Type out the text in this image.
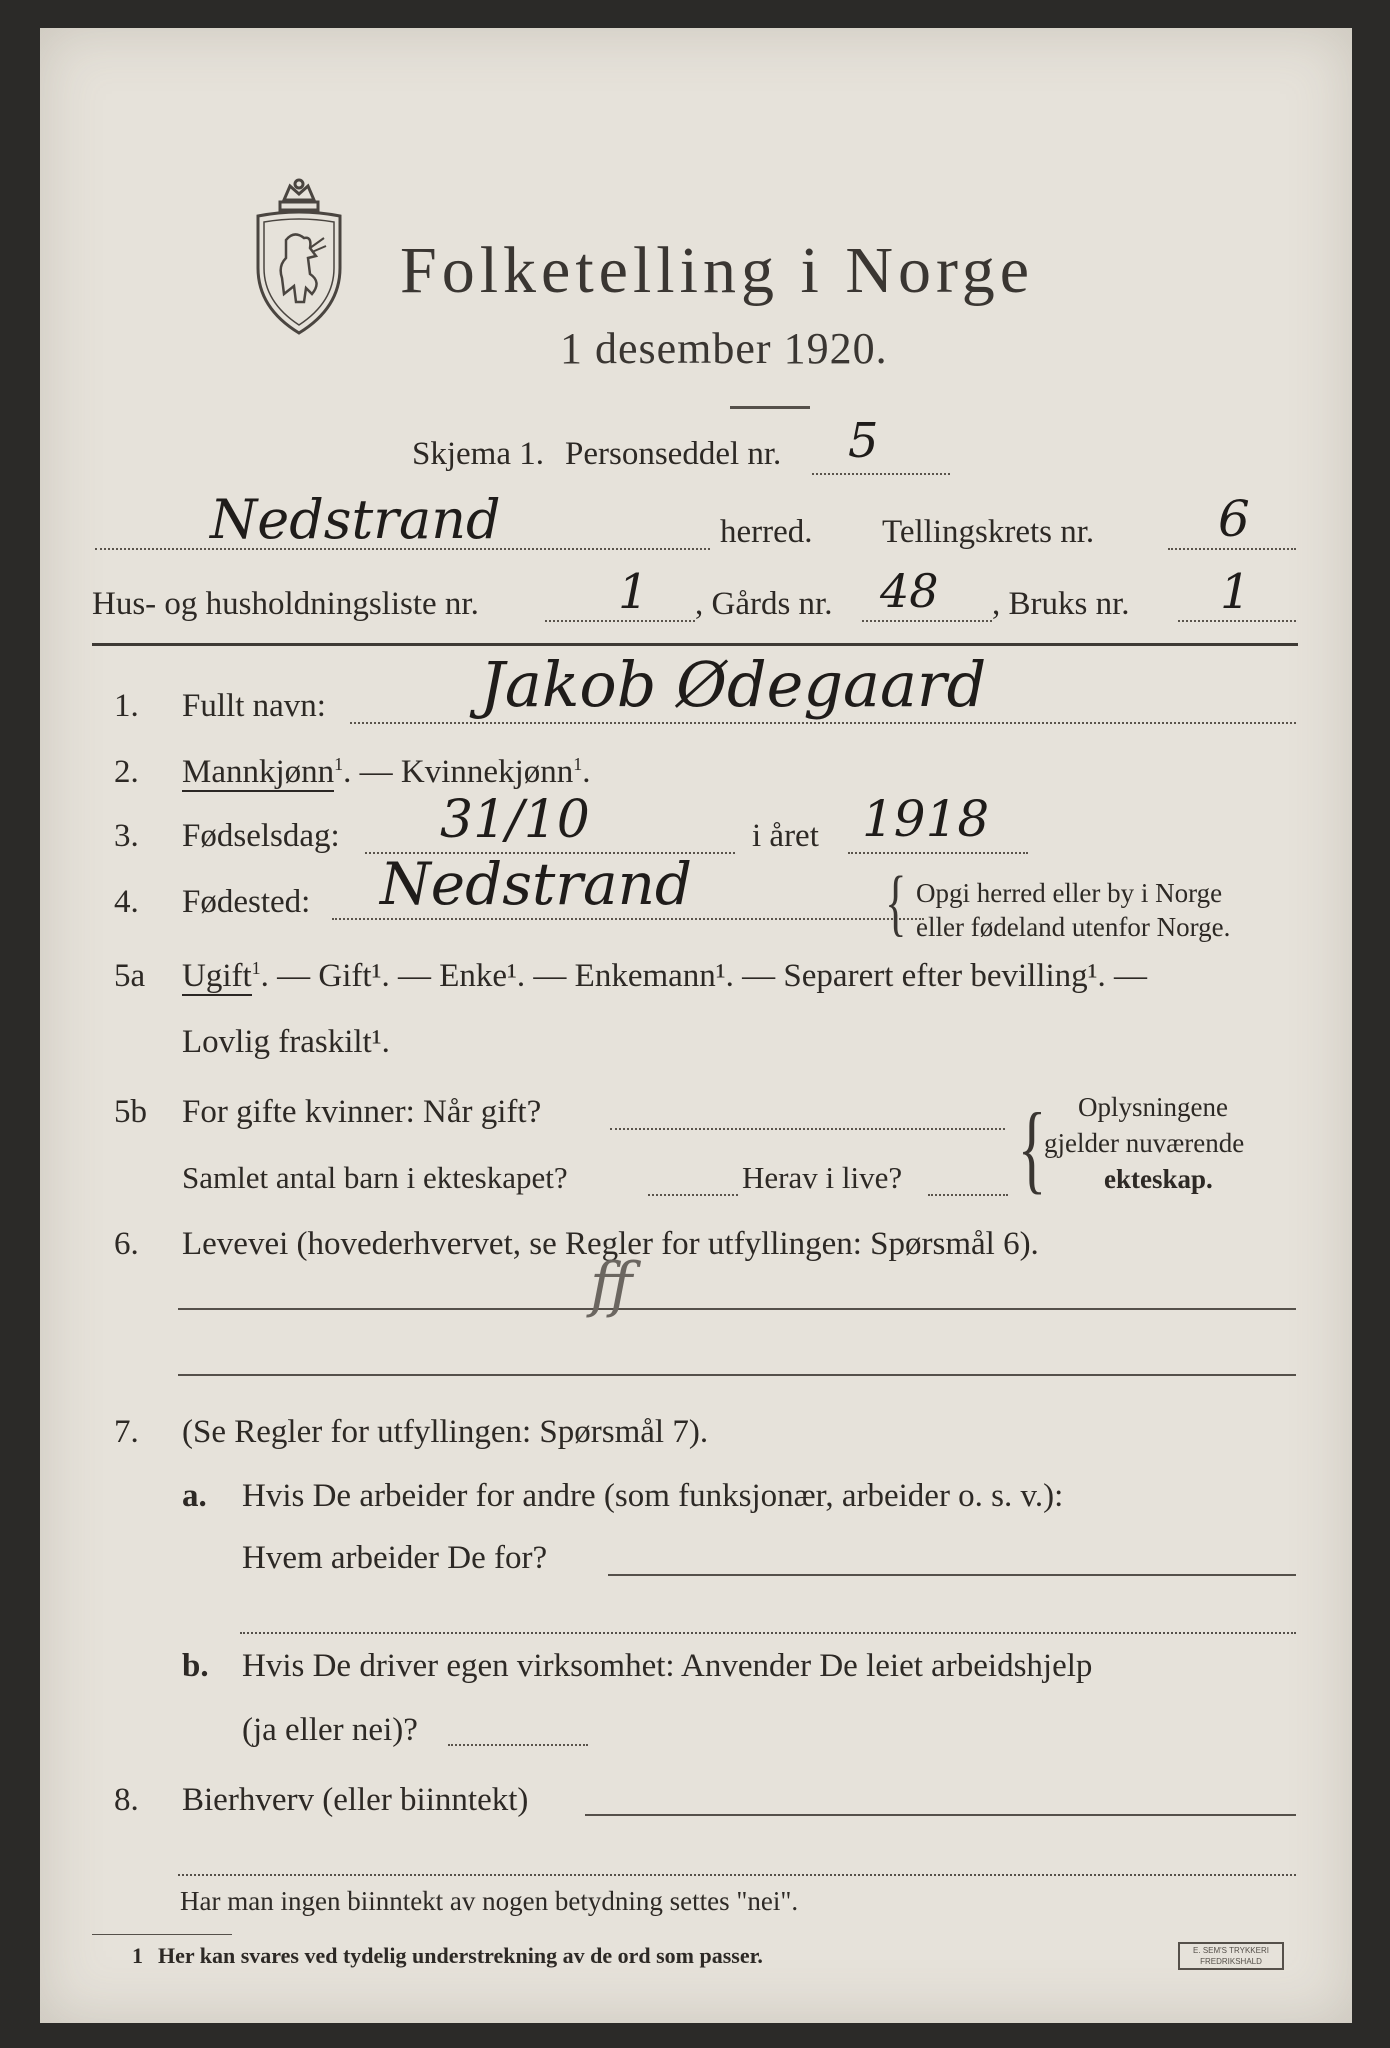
Folketelling i Norge
1 desember 1920.
Skjema 1. Personseddel nr. 5
Nedstrand	herred. Tellingskrets nr. 6
Hus- og husholdningsliste nr.	1 , Gårds nr. 48 , Bruks nr. 1
1. Fullt navn: Jakob Ødegaard
2. Mannkjønn$^1$. — Kvinnekjønn$^1$.
3. Fødselsdag: 31/10	i året 1918
4. Fødested: Nedstrand	{ Opgi herred eller by i Norge
eller fødeland utenfor Norge.
5a Ugift$^1$. — Gift¹. — Enke¹. — Enkemann¹. — Separert efter bevilling¹. —
Lovlig fraskilt¹.
5b For gifte kvinner: Når gift?
Samlet antal barn i ekteskapet?	Herav i live? { Oplysningene
gjelder nuværende
ekteskap.
6. Levevei (hovederhvervet, se Regler for utfyllingen: Spørsmål 6).
ff
7. (Se Regler for utfyllingen: Spørsmål 7).
a. Hvis De arbeider for andre (som funksjonær, arbeider o. s. v.):
Hvem arbeider De for?
b. Hvis De driver egen virksomhet: Anvender De leiet arbeidshjelp
(ja eller nei)?
8. Bierhverv (eller biinntekt)
Har man ingen biinntekt av nogen betydning settes "nei".
1 Her kan svares ved tydelig understrekning av de ord som passer.	E. SEM'S TRYKKERI
FREDRIKSHALD
